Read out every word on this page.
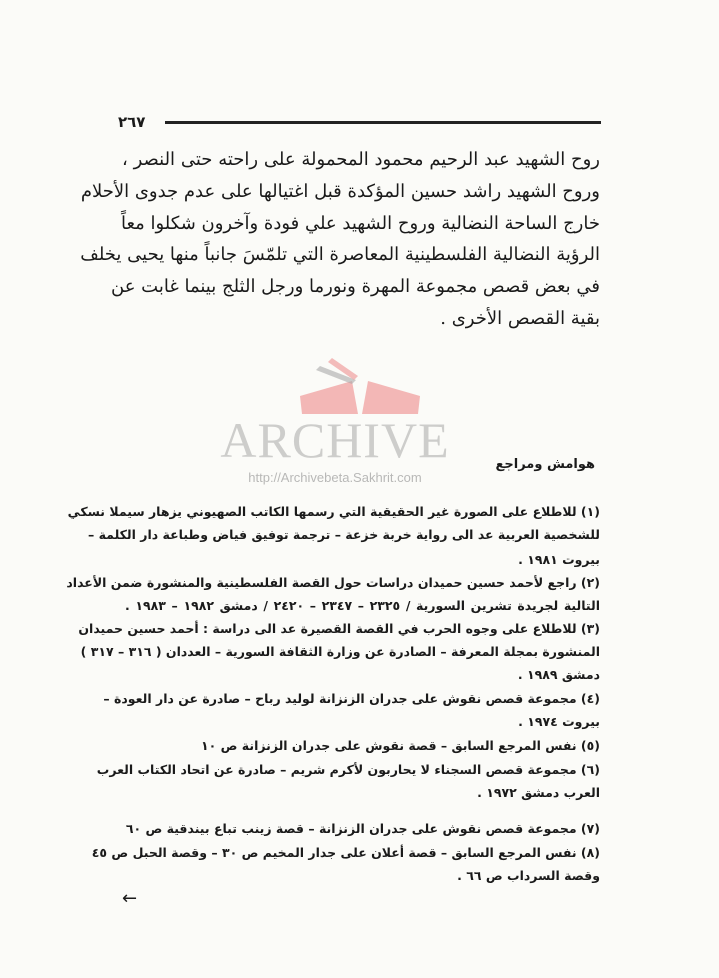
٢٦٧
روح الشهيد عبد الرحيم محمود المحمولة على راحته حتى النصر ،
وروح الشهيد راشد حسين المؤكدة قبل اغتيالها على عدم جدوى الأحلام
خارج الساحة النضالية وروح الشهيد علي فودة وآخرون شكلوا معاً
الرؤية النضالية الفلسطينية المعاصرة التي تلمّسَ جانباً منها يحيى يخلف
في بعض قصص مجموعة المهرة ونورما ورجل الثلج بينما غابت عن
بقية القصص الأخرى .
ARCHIVE
http://Archivebeta.Sakhrit.com
هوامش ومراجع
(١) للاطلاع على الصورة غير الحقيقية التي رسمها الكاتب الصهيوني يزهار سيملا نسكي
للشخصية العربية عد الى رواية خربة خزعة – ترجمة توفيق فياض وطباعة دار الكلمة –
بيروت ١٩٨١ .
(٢) راجع لأحمد حسين حميدان دراسات حول القصة الفلسطينية والمنشورة ضمن الأعداد
التالية لجريدة تشرين السورية / ٢٣٢٥ – ٢٣٤٧ – ٢٤٢٠ / دمشق ١٩٨٢ – ١٩٨٣ .
(٣) للاطلاع على وجوه الحرب في القصة القصيرة عد الى دراسة : أحمد حسين حميدان
المنشورة بمجلة المعرفة – الصادرة عن وزارة الثقافة السورية – العددان ( ٣١٦ – ٣١٧ )
دمشق ١٩٨٩ .
(٤) مجموعة قصص نقوش على جدران الزنزانة لوليد رباح – صادرة عن دار العودة –
بيروت ١٩٧٤ .
(٥) نفس المرجع السابق – قصة نقوش على جدران الزنزانة ص ١٠
(٦) مجموعة قصص السجناء لا يحاربون لأكرم شريم – صادرة عن اتحاد الكتاب العرب
العرب دمشق ١٩٧٢ .
(٧) مجموعة قصص نقوش على جدران الزنزانة – قصة زينب تباع بيندقية ص ٦٠
(٨) نفس المرجع السابق – قصة أعلان على جدار المخيم ص ٣٠ – وقصة الحبل ص ٤٥
وقصة السرداب ص ٦٦ .
←
